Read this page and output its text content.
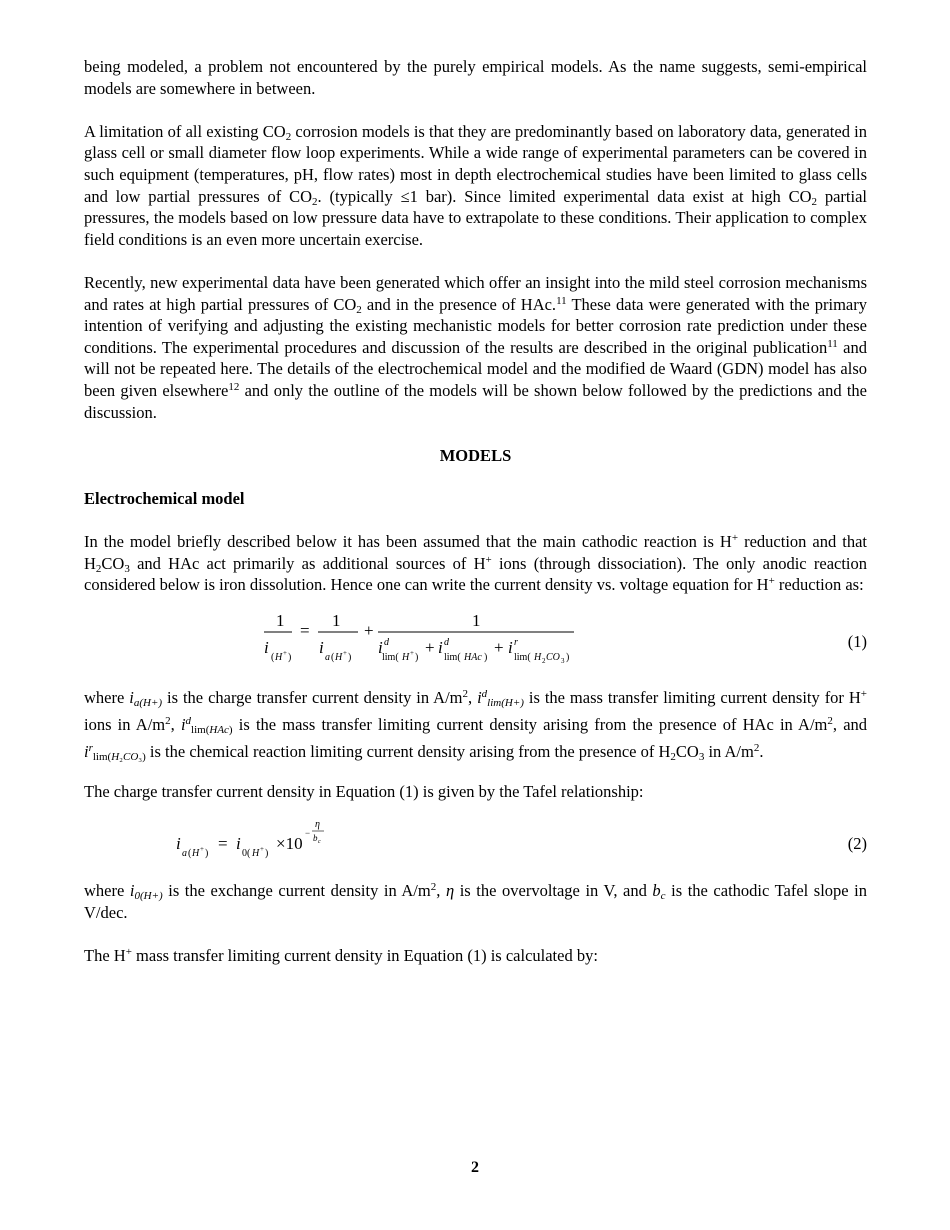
being modeled, a problem not encountered by the purely empirical models. As the name suggests, semi-empirical models are somewhere in between.

A limitation of all existing $CO_2$ corrosion models is that they are predominantly based on laboratory data, generated in glass cell or small diameter flow loop experiments. While a wide range of experimental parameters can be covered in such equipment (temperatures, pH, flow rates) most in depth electrochemical studies have been limited to glass cells and low partial pressures of $CO_2$. (typically ≤1 bar). Since limited experimental data exist at high $CO_2$ partial pressures, the models based on low pressure data have to extrapolate to these conditions. Their application to complex field conditions is an even more uncertain exercise.

Recently, new experimental data have been generated which offer an insight into the mild steel corrosion mechanisms and rates at high partial pressures of $CO_2$ and in the presence of HAc.$^{11}$ These data were generated with the primary intention of verifying and adjusting the existing mechanistic models for better corrosion rate prediction under these conditions. The experimental procedures and discussion of the results are described in the original publication$^{11}$ and will not be repeated here. The details of the electrochemical model and the modified de Waard (GDN) model has also been given elsewhere$^{12}$ and only the outline of the models will be shown below followed by the predictions and the discussion.

MODELS

Electrochemical model

In the model briefly described below it has been assumed that the main cathodic reaction is H+ reduction and that $H_2CO_3$ and HAc act primarily as additional sources of H+ ions (through dissociation). The only anodic reaction considered below is iron dissolution. Hence one can write the current density vs. voltage equation for H+ reduction as:

1
i
( H + )
=
1
i
a ( H + )
+
1
i d
lim( H + )
+ i d
lim( HAc )
+ i r
lim( H 2 CO 3 )
(1)

where $i_{a(H+)}$ is the charge transfer current density in $A/m^2$, $i^d_{lim(H+)}$ is the mass transfer limiting current density for H+ ions in $A/m^2$, $i^d_{lim(HAc)}$ is the mass transfer limiting current density arising from the presence of HAc in $A/m^2$, and $i^r_{lim(H_2CO_3)}$ is the chemical reaction limiting current density arising from the presence of $H_2CO_3$ in $A/m^2$.

The charge transfer current density in Equation (1) is given by the Tafel relationship:

i
a ( H + )
= i
0( H + )
×10
−
η
b c	(2)

where $i_{0(H+)}$ is the exchange current density in $A/m^2$, η is the overvoltage in V, and $b_c$ is the cathodic Tafel slope in V/dec.

The H+ mass transfer limiting current density in Equation (1) is calculated by:

2
